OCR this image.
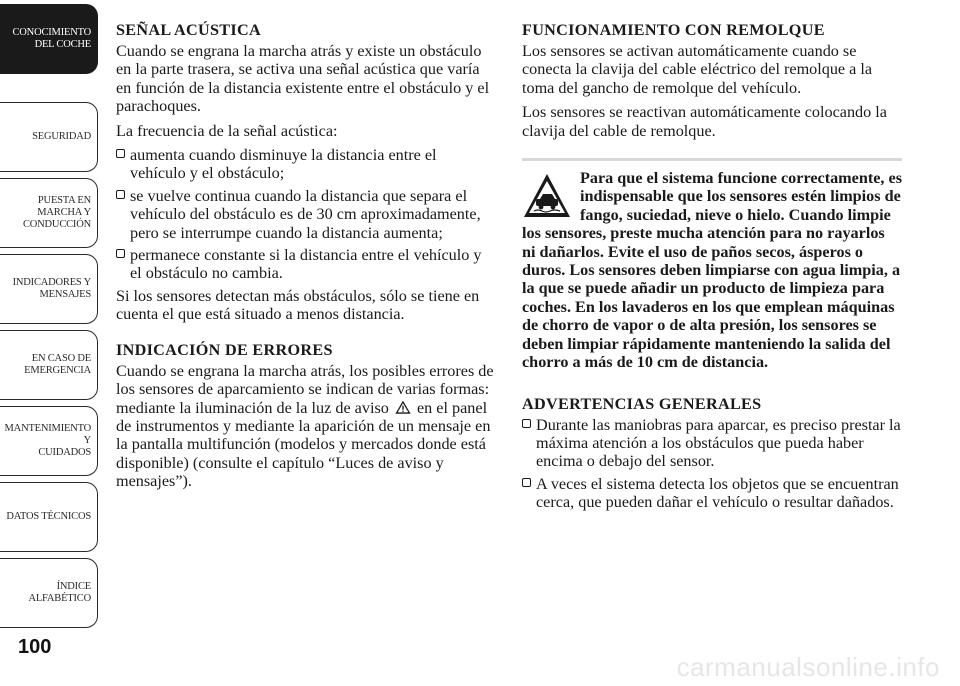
CONOCIMIENTO
DEL COCHE
SEGURIDAD
PUESTA EN
MARCHA Y
CONDUCCIÓN
INDICADORES Y
MENSAJES
EN CASO DE
EMERGENCIA
MANTENIMIENTO Y
CUIDADOS
DATOS TÉCNICOS
ÍNDICE
ALFABÉTICO
100
SEÑAL ACÚSTICA

Cuando se engrana la marcha atrás y existe un obstáculo en la parte trasera, se activa una señal acústica que varía en función de la distancia existente entre el obstáculo y el parachoques.

La frecuencia de la señal acústica:

aumenta cuando disminuye la distancia entre el vehículo y el obstáculo;
se vuelve continua cuando la distancia que separa el vehículo del obstáculo es de 30 cm aproximadamente, pero se interrumpe cuando la distancia aumenta;
permanece constante si la distancia entre el vehículo y el obstáculo no cambia.

Si los sensores detectan más obstáculos, sólo se tiene en cuenta el que está situado a menos distancia.

INDICACIÓN DE ERRORES

Cuando se engrana la marcha atrás, los posibles errores de los sensores de aparcamiento se indican de varias formas: mediante la iluminación de la luz de aviso en el panel de instrumentos y mediante la aparición de un mensaje en la pantalla multifunción (modelos y mercados donde está disponible) (consulte el capítulo “Luces de aviso y mensajes”).

FUNCIONAMIENTO CON REMOLQUE

Los sensores se activan automáticamente cuando se conecta la clavija del cable eléctrico del remolque a la toma del gancho de remolque del vehículo.

Los sensores se reactivan automáticamente colocando la clavija del cable de remolque.

Para que el sistema funcione correctamente, es indispensable que los sensores estén limpios de fango, suciedad, nieve o hielo. Cuando limpie los sensores, preste mucha atención para no rayarlos ni dañarlos. Evite el uso de paños secos, ásperos o duros. Los sensores deben limpiarse con agua limpia, a la que se puede añadir un producto de limpieza para coches. En los lavaderos en los que emplean máquinas de chorro de vapor o de alta presión, los sensores se deben limpiar rápidamente manteniendo la salida del chorro a más de 10 cm de distancia.
ADVERTENCIAS GENERALES
Durante las maniobras para aparcar, es preciso prestar la máxima atención a los obstáculos que pueda haber encima o debajo del sensor.
A veces el sistema detecta los objetos que se encuentran cerca, que pueden dañar el vehículo o resultar dañados.
carmanualsonline.info
